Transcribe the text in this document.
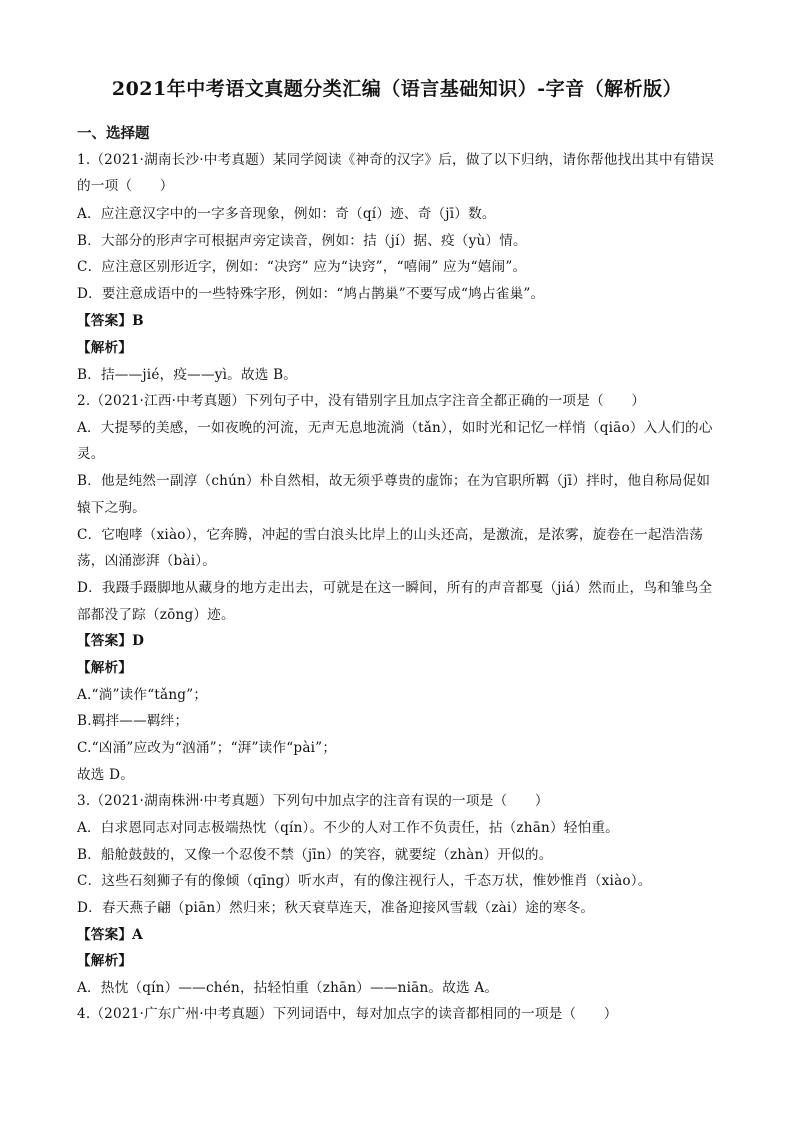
2021年中考语文真题分类汇编（语言基础知识）-字音（解析版）
一、选择题
1.（2021·湖南长沙·中考真题）某同学阅读《神奇的汉字》后，做了以下归纳，请你帮他找出其中有错误
的一项（　　）
A．应注意汉字中的一字多音现象，例如：奇（qí）迹、奇（jī）数。
B．大部分的形声字可根据声旁定读音，例如：拮（jí）据、疫（yù）情。
C．应注意区别形近字，例如：“决窍” 应为“诀窍”，“嘻闹” 应为“嬉闹”。
D．要注意成语中的一些特殊字形，例如：“鸠占鹊巢”不要写成“鸠占雀巢”。
【答案】B
【解析】
B．拮——jié，疫——yì。故选 B。
2.（2021·江西·中考真题）下列句子中，没有错别字且加点字注音全都正确的一项是（　　）
A．大提琴的美感，一如夜晚的河流，无声无息地流淌（tǎn），如时光和记忆一样悄（qiāo）入人们的心
灵。
B．他是纯然一副淳（chún）朴自然相，故无须乎尊贵的虚饰；在为官职所羁（jī）拌时，他自称局促如
辕下之驹。
C．它咆哮（xiào），它奔腾，冲起的雪白浪头比岸上的山头还高，是激流，是浓雾，旋卷在一起浩浩荡
荡，凶涌澎湃（bài）。
D．我蹑手蹑脚地从藏身的地方走出去，可就是在这一瞬间，所有的声音都戛（jiá）然而止，鸟和雏鸟全
部都没了踪（zōng）迹。
【答案】D
【解析】
A.“淌”读作“tǎng”；
B.羁拌——羁绊；
C.“凶涌”应改为“汹涌”；“湃”读作“pài”；
故选 D。
3.（2021·湖南株洲·中考真题）下列句中加点字的注音有误的一项是（　　）
A．白求恩同志对同志极端热忱（qín）。不少的人对工作不负责任，拈（zhān）轻怕重。
B．船舱鼓鼓的，又像一个忍俊不禁（jīn）的笑容，就要绽（zhàn）开似的。
C．这些石刻狮子有的像倾（qīng）听水声，有的像注视行人，千态万状，惟妙惟肖（xiào）。
D．春天燕子翩（piān）然归来；秋天衰草连天，准备迎接风雪载（zài）途的寒冬。
【答案】A
【解析】
A．热忱（qín）——chén，拈轻怕重（zhān）——niān。故选 A。
4.（2021·广东广州·中考真题）下列词语中，每对加点字的读音都相同的一项是（　　）
